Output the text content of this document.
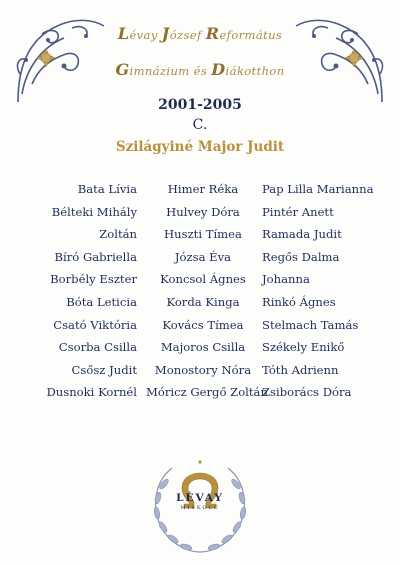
Lévay József Református
Gimnázium és Diákotthon
2001-2005
C.
Szilágyiné Major Judit
Bata Lívia
Bélteki Mihály
Zoltán
Bíró Gabriella
Borbély Eszter
Bóta Leticia
Csató Viktória
Csorba Csilla
Csősz Judit
Dusnoki Kornél
Himer Réka
Hulvey Dóra
Huszti Tímea
Józsa Éva
Koncsol Ágnes
Korda Kinga
Kovács Tímea
Majoros Csilla
Monostory Nóra
Móricz Gergő Zoltán
Pap Lilla Marianna
Pintér Anett
Ramada Judit
Regős Dalma
Johanna
Rinkó Ágnes
Stelmach Tamás
Székely Enikő
Tóth Adrienn
Zsiborács Dóra
LÉVAY
MISKOLC
